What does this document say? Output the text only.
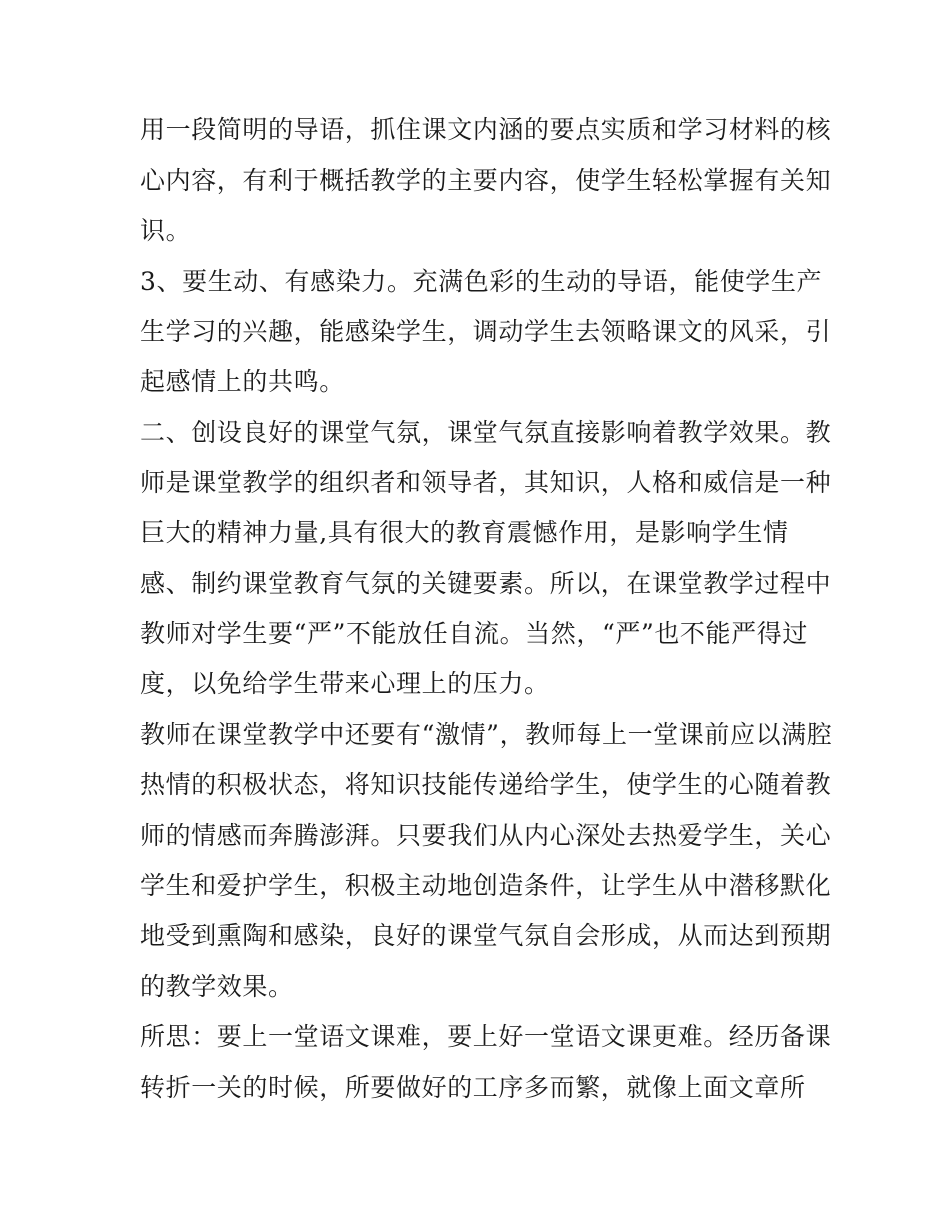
用一段简明的导语，抓住课文内涵的要点实质和学习材料的核
心内容，有利于概括教学的主要内容，使学生轻松掌握有关知
识。
3、要生动、有感染力。充满色彩的生动的导语，能使学生产
生学习的兴趣，能感染学生，调动学生去领略课文的风采，引
起感情上的共鸣。
二、创设良好的课堂气氛，课堂气氛直接影响着教学效果。教
师是课堂教学的组织者和领导者，其知识，人格和威信是一种
巨大的精神力量,具有很大的教育震憾作用，是影响学生情
感、制约课堂教育气氛的关键要素。所以，在课堂教学过程中
教师对学生要“严”不能放任自流。当然，“严”也不能严得过
度，以免给学生带来心理上的压力。
教师在课堂教学中还要有“激情”，教师每上一堂课前应以满腔
热情的积极状态，将知识技能传递给学生，使学生的心随着教
师的情感而奔腾澎湃。只要我们从内心深处去热爱学生，关心
学生和爱护学生，积极主动地创造条件，让学生从中潜移默化
地受到熏陶和感染，良好的课堂气氛自会形成，从而达到预期
的教学效果。
所思：要上一堂语文课难，要上好一堂语文课更难。经历备课
转折一关的时候，所要做好的工序多而繁，就像上面文章所
